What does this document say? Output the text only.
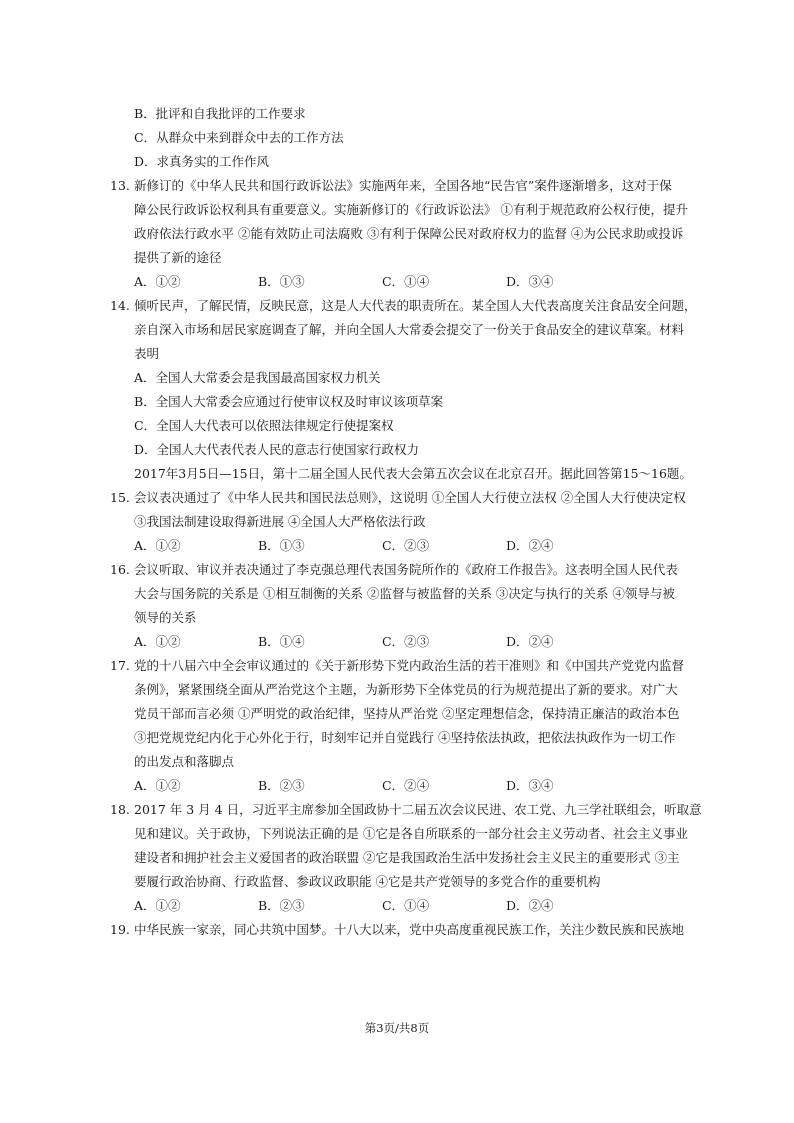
B．批评和自我批评的工作要求
C．从群众中来到群众中去的工作方法
D．求真务实的工作作风
13. 新修订的《中华人民共和国行政诉讼法》实施两年来，全国各地“民告官”案件逐渐增多，这对于保
障公民行政诉讼权利具有重要意义。实施新修订的《行政诉讼法》 ①有利于规范政府公权行使，提升
政府依法行政水平 ②能有效防止司法腐败 ③有利于保障公民对政府权力的监督 ④为公民求助或投诉
提供了新的途径
A．①②	B．①③	C．①④	D．③④
14. 倾听民声，了解民情，反映民意，这是人大代表的职责所在。某全国人大代表高度关注食品安全问题，
亲自深入市场和居民家庭调查了解，并向全国人大常委会提交了一份关于食品安全的建议草案。材料
表明
A．全国人大常委会是我国最高国家权力机关
B．全国人大常委会应通过行使审议权及时审议该项草案
C．全国人大代表可以依照法律规定行使提案权
D．全国人大代表代表人民的意志行使国家行政权力
2017年3月5日—15日，第十二届全国人民代表大会第五次会议在北京召开。据此回答第15～16题。
15. 会议表决通过了《中华人民共和国民法总则》，这说明 ①全国人大行使立法权 ②全国人大行使决定权
③我国法制建设取得新进展 ④全国人大严格依法行政
A．①②	B．①③	C．②③	D．②④
16. 会议听取、审议并表决通过了李克强总理代表国务院所作的《政府工作报告》。这表明全国人民代表
大会与国务院的关系是 ①相互制衡的关系 ②监督与被监督的关系 ③决定与执行的关系 ④领导与被
领导的关系
A．①②	B．①④	C．②③	D．②④
17. 党的十八届六中全会审议通过的《关于新形势下党内政治生活的若干准则》和《中国共产党党内监督
条例》，紧紧围绕全面从严治党这个主题，为新形势下全体党员的行为规范提出了新的要求。对广大
党员干部而言必须 ①严明党的政治纪律，坚持从严治党 ②坚定理想信念，保持清正廉洁的政治本色
③把党规党纪内化于心外化于行，时刻牢记并自觉践行 ④坚持依法执政，把依法执政作为一切工作
的出发点和落脚点
A．①②	B．②③	C．②④	D．③④
18. 2017 年 3 月 4 日，习近平主席参加全国政协十二届五次会议民进、农工党、九三学社联组会，听取意
见和建议。关于政协，下列说法正确的是 ①它是各自所联系的一部分社会主义劳动者、社会主义事业
建设者和拥护社会主义爱国者的政治联盟 ②它是我国政治生活中发扬社会主义民主的重要形式 ③主
要履行政治协商、行政监督、参政议政职能 ④它是共产党领导的多党合作的重要机构
A．①②	B．②③	C．①④	D．②④
19. 中华民族一家亲，同心共筑中国梦。十八大以来，党中央高度重视民族工作，关注少数民族和民族地
第3页/共8页
